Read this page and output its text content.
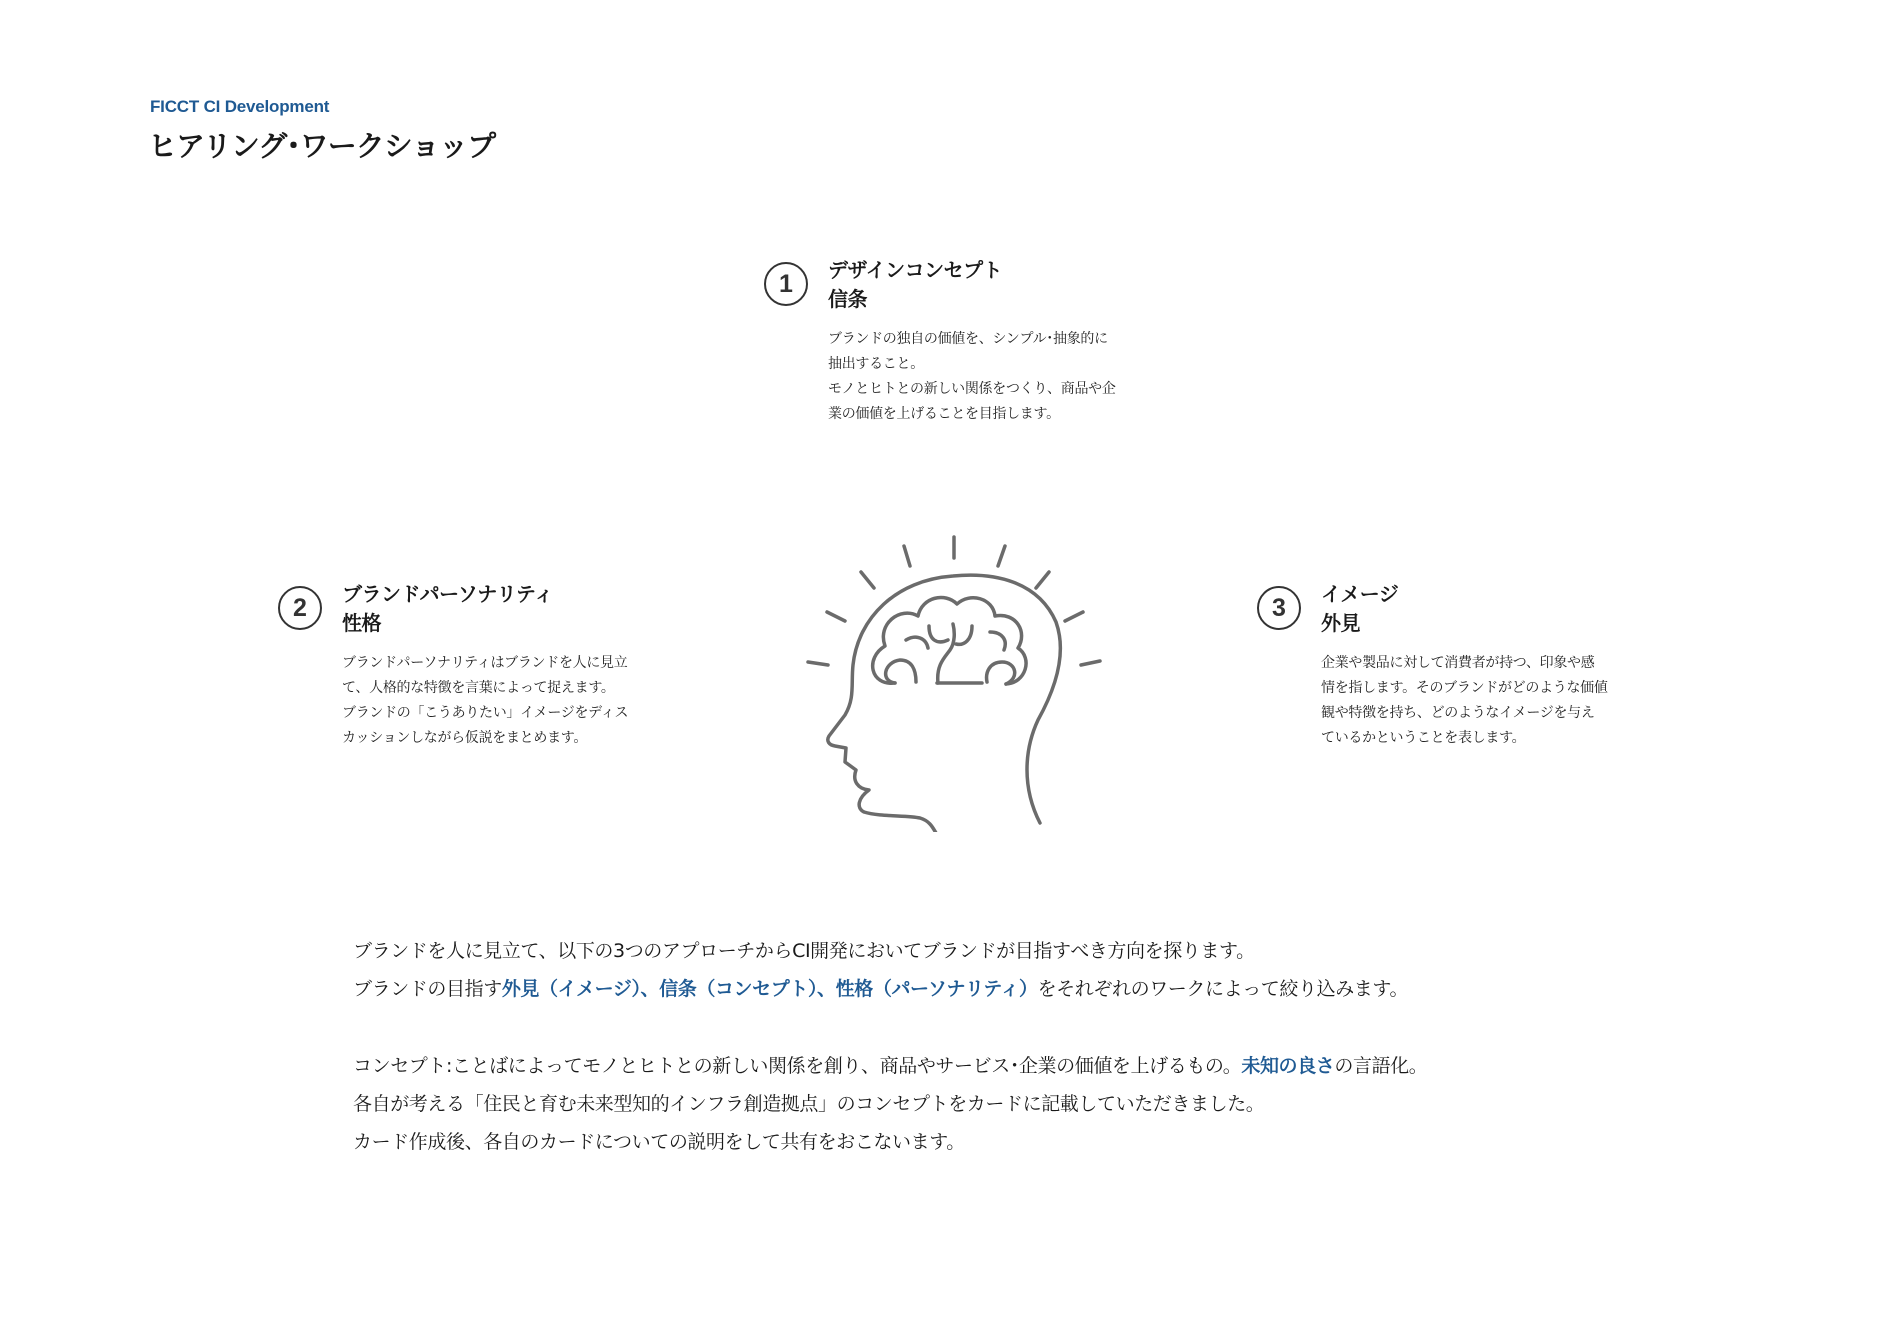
FICCT CI Development
ヒアリング･ワークショップ
1	デザインコンセプト
信条
ブランドの独自の価値を、シンプル･抽象的に
抽出すること。
モノとヒトとの新しい関係をつくり、商品や企
業の価値を上げることを目指します。
2	ブランドパーソナリティ
性格
ブランドパーソナリティはブランドを人に見立
て、人格的な特徴を言葉によって捉えます。
ブランドの「こうありたい」イメージをディス
カッションしながら仮説をまとめます。
3	イメージ
外見
企業や製品に対して消費者が持つ、印象や感
情を指します。そのブランドがどのような価値
観や特徴を持ち、どのようなイメージを与え
ているかということを表します。
ブランドを人に見立て、以下の3つのアプローチからCI開発においてブランドが目指すべき方向を探ります。
ブランドの目指す外見（イメージ）、信条（コンセプト）、性格（パーソナリティ）をそれぞれのワークによって絞り込みます。
コンセプト:ことばによってモノとヒトとの新しい関係を創り、商品やサービス･企業の価値を上げるもの。未知の良さの言語化。
各自が考える「住民と育む未来型知的インフラ創造拠点」のコンセプトをカードに記載していただきました。
カード作成後、各自のカードについての説明をして共有をおこないます。
